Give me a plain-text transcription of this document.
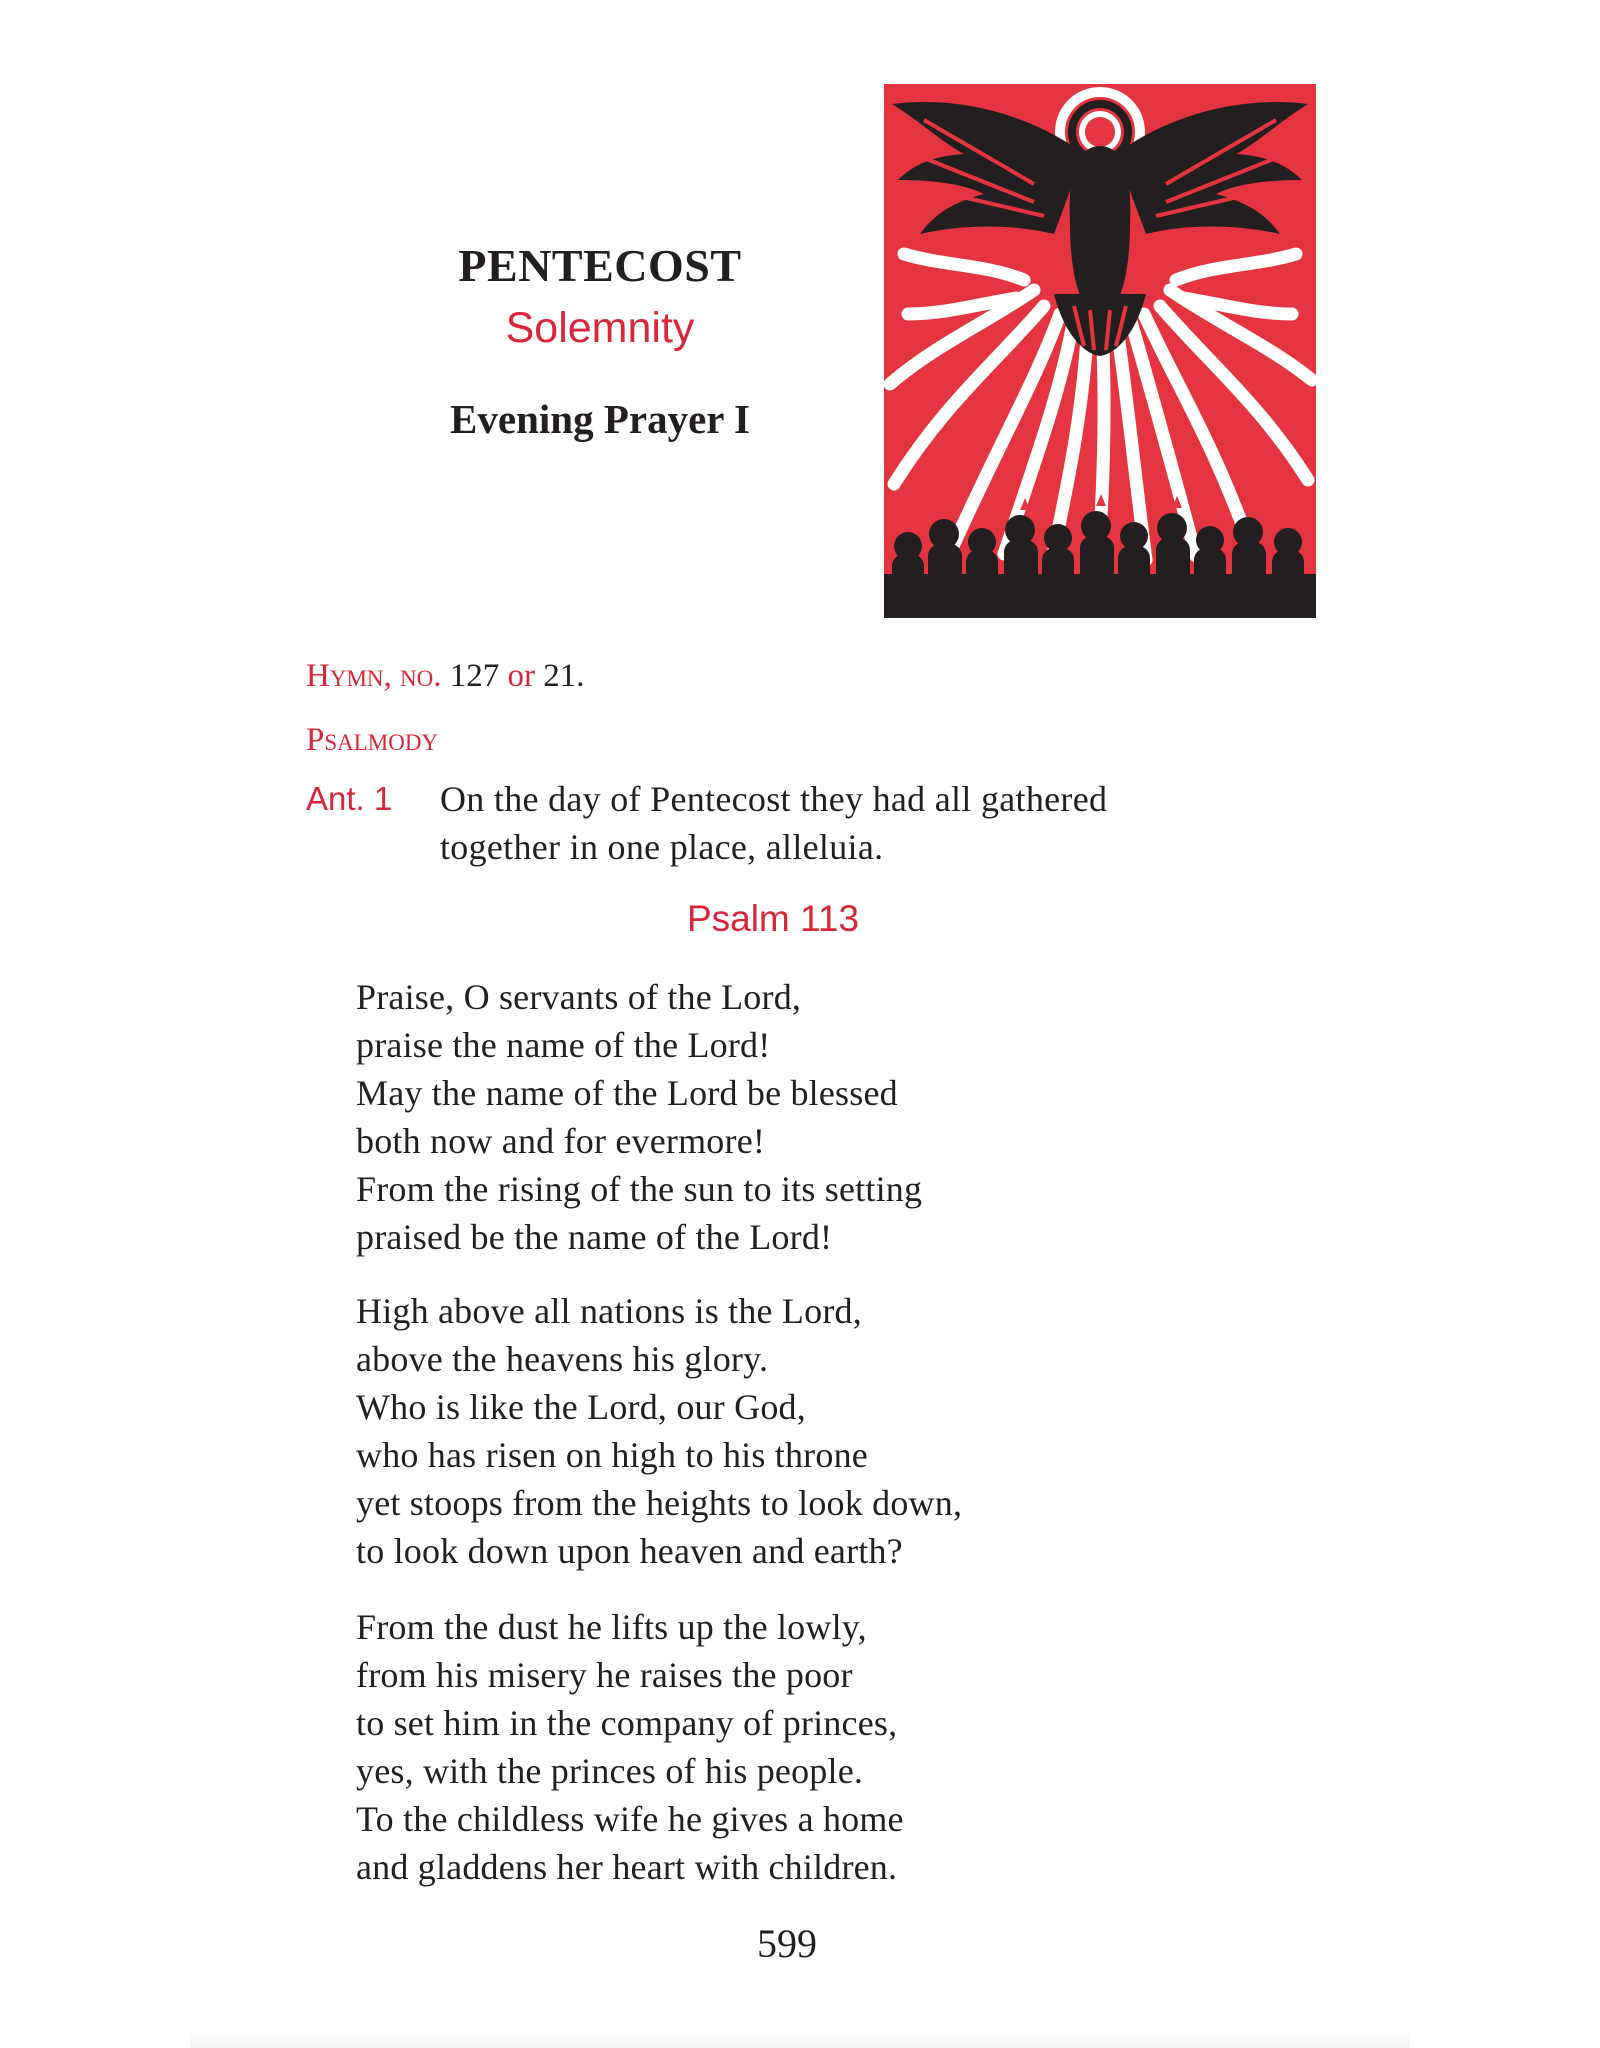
PENTECOST
Solemnity
Evening Prayer I
Hymn, no. 127 or 21.
Psalmody
Ant. 1 On the day of Pentecost they had all gathered
together in one place, alleluia.
Psalm 113
Praise, O servants of the Lord,
praise the name of the Lord!
May the name of the Lord be blessed
both now and for evermore!
From the rising of the sun to its setting
praised be the name of the Lord!
High above all nations is the Lord,
above the heavens his glory.
Who is like the Lord, our God,
who has risen on high to his throne
yet stoops from the heights to look down,
to look down upon heaven and earth?
From the dust he lifts up the lowly,
from his misery he raises the poor
to set him in the company of princes,
yes, with the princes of his people.
To the childless wife he gives a home
and gladdens her heart with children.
599
